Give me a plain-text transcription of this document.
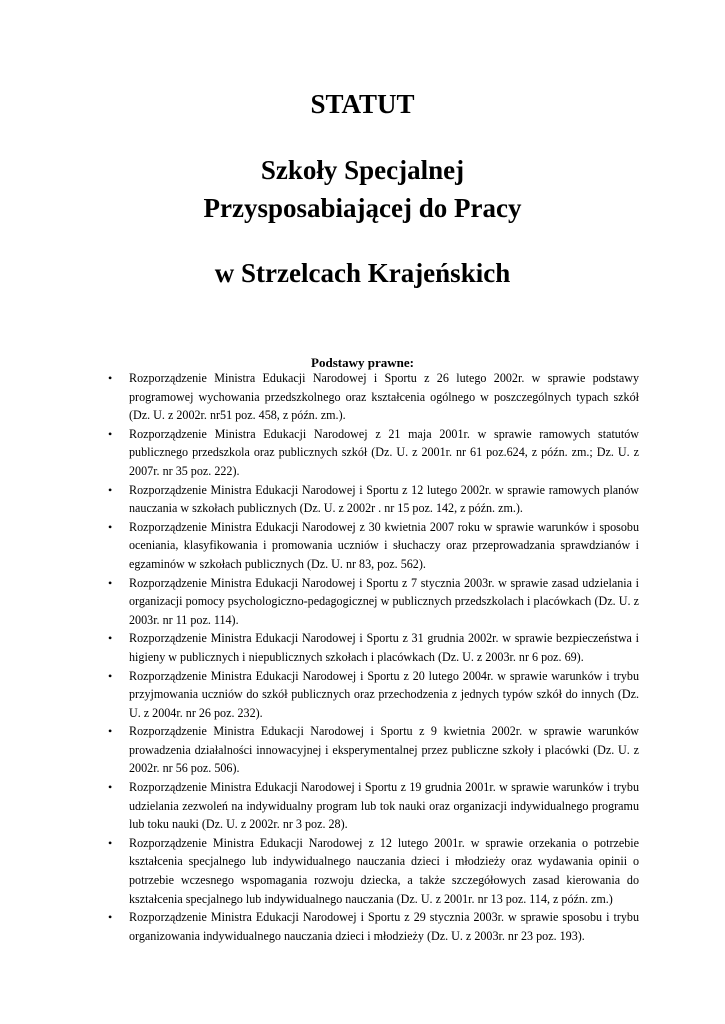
STATUT
Szkoły Specjalnej
Przysposabiającej do Pracy
w Strzelcach Krajeńskich

Podstawy prawne:

•	Rozporządzenie Ministra Edukacji Narodowej i Sportu z 26 lutego 2002r. w sprawie podstawy programowej wychowania przedszkolnego oraz kształcenia ogólnego w poszczególnych typach szkół (Dz. U. z 2002r. nr51 poz. 458, z późn. zm.).
•	Rozporządzenie Ministra Edukacji Narodowej z 21 maja 2001r. w sprawie ramowych statutów publicznego przedszkola oraz publicznych szkół (Dz. U. z 2001r. nr 61 poz.624, z późn. zm.; Dz. U. z 2007r. nr 35 poz. 222).
•	Rozporządzenie Ministra Edukacji Narodowej i Sportu z 12 lutego 2002r. w sprawie ramowych planów nauczania w szkołach publicznych (Dz. U. z 2002r . nr 15 poz. 142, z późn. zm.).
•	Rozporządzenie Ministra Edukacji Narodowej z 30 kwietnia 2007 roku w sprawie warunków i sposobu oceniania, klasyfikowania i promowania uczniów i słuchaczy oraz przeprowadzania sprawdzianów i egzaminów w szkołach publicznych (Dz. U. nr 83, poz. 562).
•	Rozporządzenie Ministra Edukacji Narodowej i Sportu z 7 stycznia 2003r. w sprawie zasad udzielania i organizacji pomocy psychologiczno-pedagogicznej w publicznych przedszkolach i placówkach (Dz. U. z 2003r. nr 11 poz. 114).
•	Rozporządzenie Ministra Edukacji Narodowej i Sportu z 31 grudnia 2002r. w sprawie bezpieczeństwa i higieny w publicznych i niepublicznych szkołach i placówkach (Dz. U. z 2003r. nr 6 poz. 69).
•	Rozporządzenie Ministra Edukacji Narodowej i Sportu z 20 lutego 2004r. w sprawie warunków i trybu przyjmowania uczniów do szkół publicznych oraz przechodzenia z jednych typów szkół do innych (Dz. U. z 2004r. nr 26 poz. 232).
•	Rozporządzenie Ministra Edukacji Narodowej i Sportu z 9 kwietnia 2002r. w sprawie warunków prowadzenia działalności innowacyjnej i eksperymentalnej przez publiczne szkoły i placówki (Dz. U. z 2002r. nr 56 poz. 506).
•	Rozporządzenie Ministra Edukacji Narodowej i Sportu z 19 grudnia 2001r. w sprawie warunków i trybu udzielania zezwoleń na indywidualny program lub tok nauki oraz organizacji indywidualnego programu lub toku nauki (Dz. U. z 2002r. nr 3 poz. 28).
•	Rozporządzenie Ministra Edukacji Narodowej z 12 lutego 2001r. w sprawie orzekania o potrzebie kształcenia specjalnego lub indywidualnego nauczania dzieci i młodzieży oraz wydawania opinii o potrzebie wczesnego wspomagania rozwoju dziecka, a także szczegółowych zasad kierowania do kształcenia specjalnego lub indywidualnego nauczania (Dz. U. z 2001r. nr 13 poz. 114, z późn. zm.)
•	Rozporządzenie Ministra Edukacji Narodowej i Sportu z 29 stycznia 2003r. w sprawie sposobu i trybu organizowania indywidualnego nauczania dzieci i młodzieży (Dz. U. z 2003r. nr 23 poz. 193).
